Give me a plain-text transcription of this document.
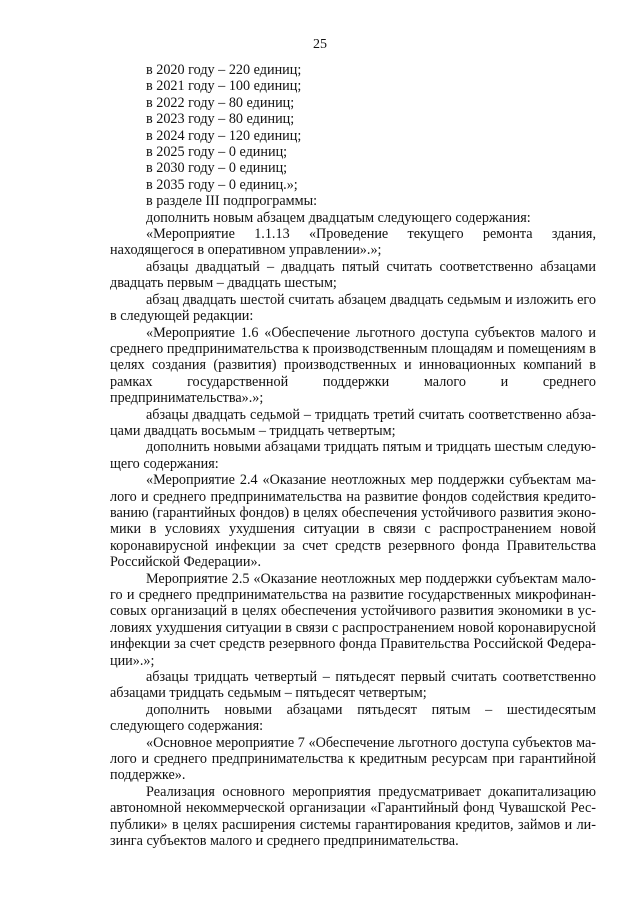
25
в 2020 году – 220 единиц;
в 2021 году – 100 единиц;
в 2022 году – 80 единиц;
в 2023 году – 80 единиц;
в 2024 году – 120 единиц;
в 2025 году – 0 единиц;
в 2030 году – 0 единиц;
в 2035 году – 0 единиц.»;
в разделе III подпрограммы:
дополнить новым абзацем двадцатым следующего содержания:
«Мероприятие 1.1.13 «Проведение текущего ремонта здания, находящегося в оперативном управлении».»;
абзацы двадцатый – двадцать пятый считать соответственно абзацами двадцать первым – двадцать шестым;
абзац двадцать шестой считать абзацем двадцать седьмым и изложить его в следующей редакции:
«Мероприятие 1.6 «Обеспечение льготного доступа субъектов малого и среднего предпринимательства к производственным площадям и помещениям в целях создания (развития) производственных и инновационных компаний в рамках государственной поддержки малого и среднего предпринимательства».»;
абзацы двадцать седьмой – тридцать третий считать соответственно абзацами двадцать восьмым – тридцать четвертым;
дополнить новыми абзацами тридцать пятым и тридцать шестым следующего содержания:
«Мероприятие 2.4 «Оказание неотложных мер поддержки субъектам малого и среднего предпринимательства на развитие фондов содействия кредитованию (гарантийных фондов) в целях обеспечения устойчивого развития экономики в условиях ухудшения ситуации в связи с распространением новой коронавирусной инфекции за счет средств резервного фонда Правительства Российской Федерации».
Мероприятие 2.5 «Оказание неотложных мер поддержки субъектам малого и среднего предпринимательства на развитие государственных микрофинансовых организаций в целях обеспечения устойчивого развития экономики в условиях ухудшения ситуации в связи с распространением новой коронавирусной инфекции за счет средств резервного фонда Правительства Российской Федерации».»;
абзацы тридцать четвертый – пятьдесят первый считать соответственно абзацами тридцать седьмым – пятьдесят четвертым;
дополнить новыми абзацами пятьдесят пятым – шестидесятым следующего содержания:
«Основное мероприятие 7 «Обеспечение льготного доступа субъектов малого и среднего предпринимательства к кредитным ресурсам при гарантийной поддержке».
Реализация основного мероприятия предусматривает докапитализацию автономной некоммерческой организации «Гарантийный фонд Чувашской Республики» в целях расширения системы гарантирования кредитов, займов и лизинга субъектов малого и среднего предпринимательства.
